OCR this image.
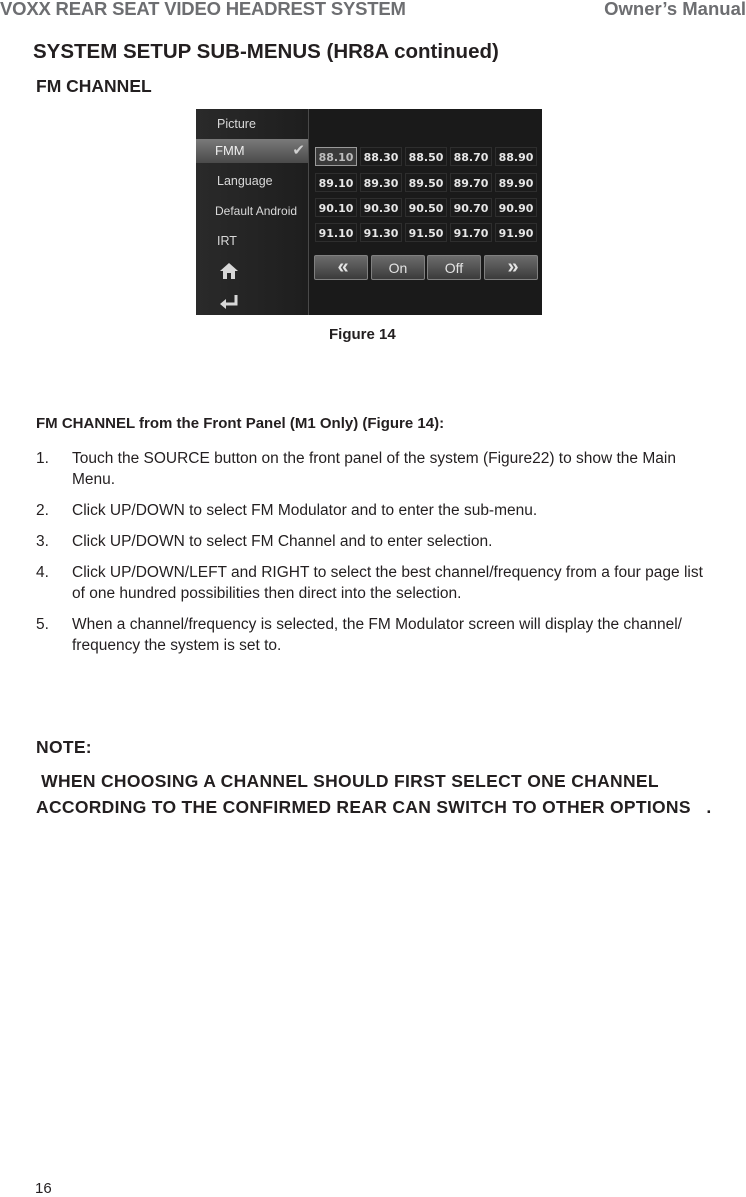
VOXX REAR SEAT VIDEO HEADREST SYSTEM	Owner’s Manual
SYSTEM SETUP SUB-MENUS (HR8A continued)
FM CHANNEL
Picture
FMM	✔
Language
Default Android
IRT
88.10 88.30 88.50 88.70 88.90
89.10 89.30 89.50 89.70 89.90
90.10 90.30 90.50 90.70 90.90
91.10 91.30 91.50 91.70 91.90
«	On	Off	»
Figure 14
FM CHANNEL from the Front Panel (M1 Only) (Figure 14):
1. Touch the SOURCE button on the front panel of the system (Figure22) to show the Main Menu.
2. Click UP/DOWN to select FM Modulator and to enter the sub-menu.
3. Click UP/DOWN to select FM Channel and to enter selection.
4. Click UP/DOWN/LEFT and RIGHT to select the best channel/frequency from a four page list of one hundred possibilities then direct into the selection.
5. When a channel/frequency is selected, the FM Modulator screen will display the channel/ frequency the system is set to.
NOTE:
WHEN CHOOSING A CHANNEL SHOULD FIRST SELECT ONE CHANNEL ACCORDING TO THE CONFIRMED REAR CAN SWITCH TO OTHER OPTIONS   .
16
